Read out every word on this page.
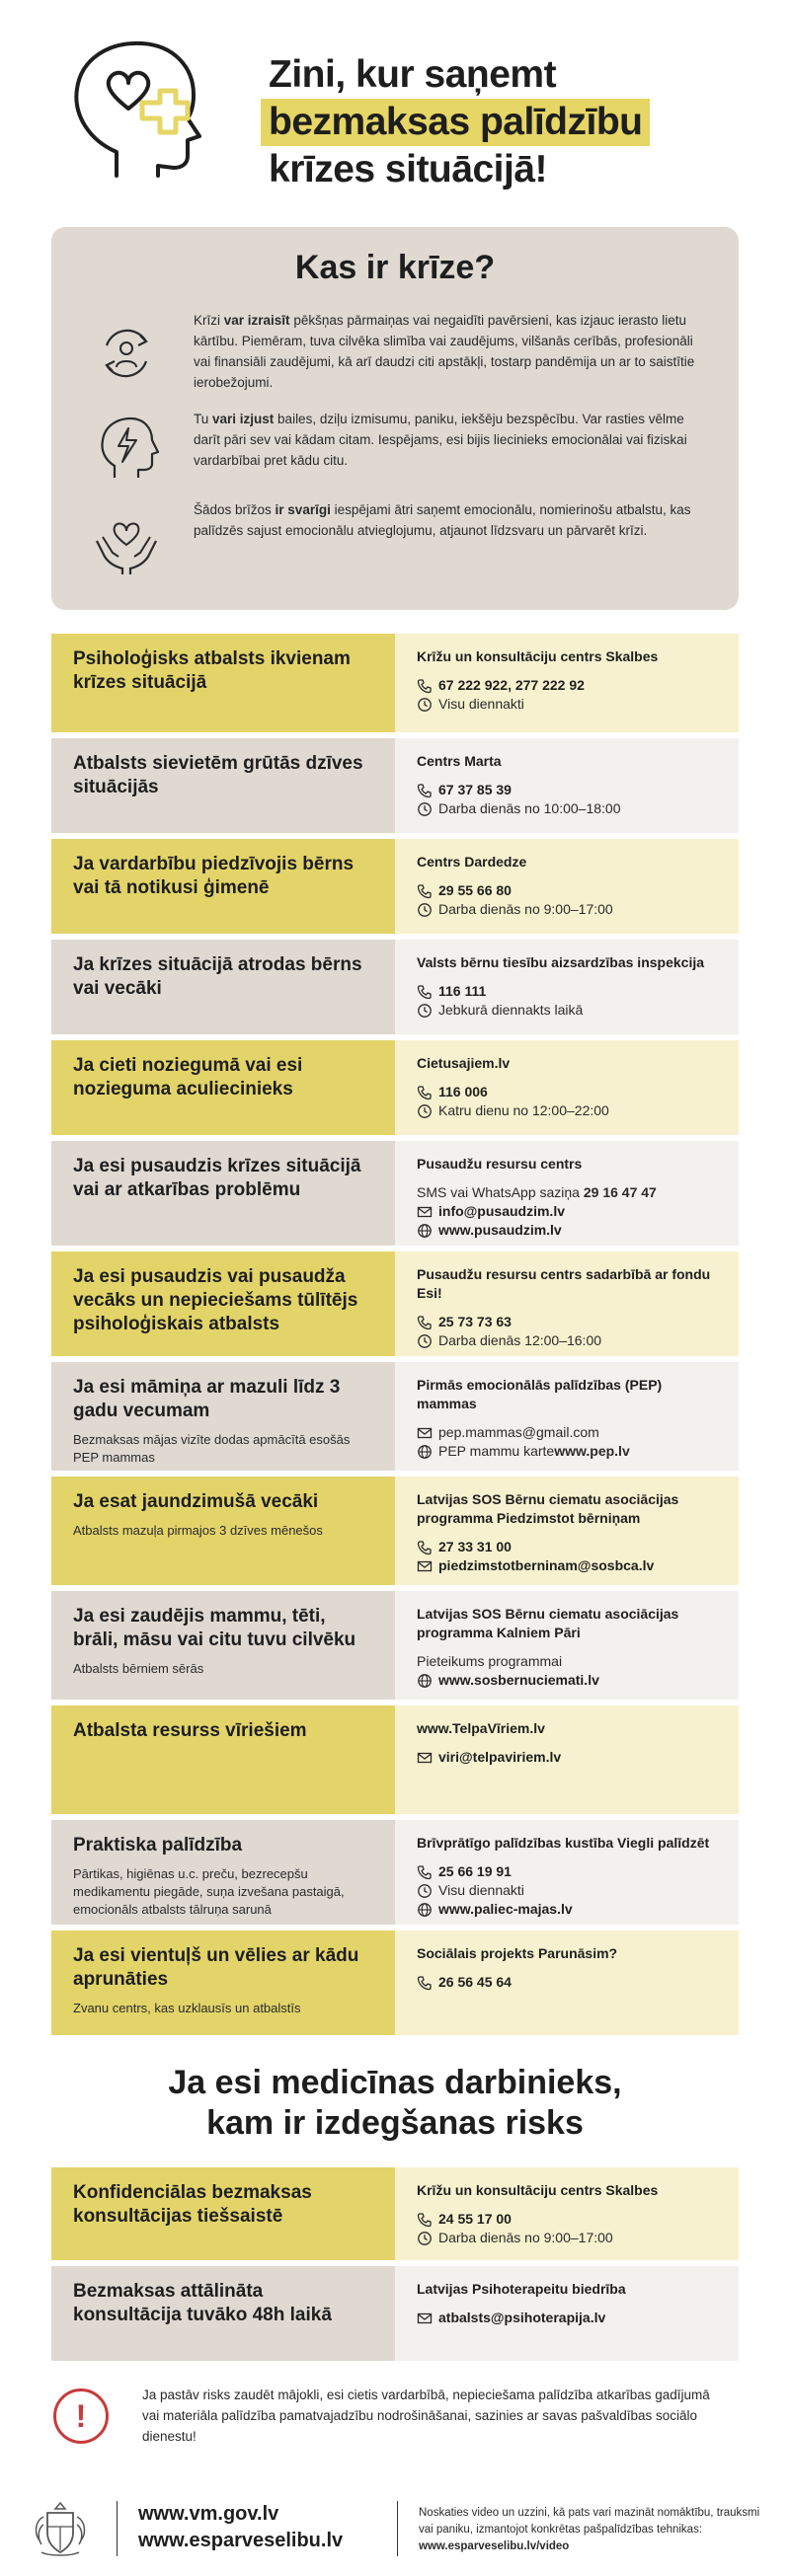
Zini, kur saņemt
bezmaksas palīdzību
krīzes situācijā!
Kas ir krīze?
Krīzi var izraisīt pēkšņas pārmaiņas vai negaidīti pavērsieni, kas izjauc ierasto lietu kārtību. Piemēram, tuva cilvēka slimība vai zaudējums, vilšanās cerībās, profesionāli vai finansiāli zaudējumi, kā arī daudzi citi apstākļi, tostarp pandēmija un ar to saistītie ierobežojumi.
Tu vari izjust bailes, dziļu izmisumu, paniku, iekšēju bezspēcību. Var rasties vēlme darīt pāri sev vai kādam citam. Iespējams, esi bijis liecinieks emocionālai vai fiziskai vardarbībai pret kādu citu.
Šādos brīžos ir svarīgi iespējami ātri saņemt emocionālu, nomierinošu atbalstu, kas palīdzēs sajust emocionālu atvieglojumu, atjaunot līdzsvaru un pārvarēt krīzi.
Psiholoģisks atbalsts ikvienam krīzes situācijā
Krīžu un konsultāciju centrs Skalbes
67 222 922, 277 222 92
Visu diennakti
Atbalsts sievietēm grūtās dzīves situācijās
Centrs Marta
67 37 85 39
Darba dienās no 10:00–18:00
Ja vardarbību piedzīvojis bērns vai tā notikusi ģimenē
Centrs Dardedze
29 55 66 80
Darba dienās no 9:00–17:00
Ja krīzes situācijā atrodas bērns vai vecāki
Valsts bērnu tiesību aizsardzības inspekcija
116 111
Jebkurā diennakts laikā
Ja cieti noziegumā vai esi nozieguma aculiecinieks
Cietusajiem.lv
116 006
Katru dienu no 12:00–22:00
Ja esi pusaudzis krīzes situācijā vai ar atkarības problēmu
Pusaudžu resursu centrs
SMS vai WhatsApp saziņa 29 16 47 47
info@pusaudzim.lv
www.pusaudzim.lv
Ja esi pusaudzis vai pusaudža vecāks un nepieciešams tūlītējs psiholoģiskais atbalsts
Pusaudžu resursu centrs sadarbībā ar fondu Esi!
25 73 73 63
Darba dienās 12:00–16:00
Ja esi māmiņa ar mazuli līdz 3 gadu vecumam
Bezmaksas mājas vizīte dodas apmācītā esošās PEP mammas
Pirmās emocionālās palīdzības (PEP) mammas
pep.mammas@gmail.com
PEP mammu karte www.pep.lv
Ja esat jaundzimušā vecāki
Atbalsts mazuļa pirmajos 3 dzīves mēnešos
Latvijas SOS Bērnu ciematu asociācijas programma Piedzimstot bērniņam
27 33 31 00
piedzimstotberninam@sosbca.lv
Ja esi zaudējis mammu, tēti, brāli, māsu vai citu tuvu cilvēku
Atbalsts bērniem sērās
Latvijas SOS Bērnu ciematu asociācijas programma Kalniem Pāri
Pieteikums programmai
www.sosbernuciemati.lv
Atbalsta resurss vīriešiem	www.TelpaVīriem.lv
viri@telpaviriem.lv
Praktiska palīdzība
Pārtikas, higiēnas u.c. preču, bezrecepšu medikamentu piegāde, suņa izvešana pastaigā, emocionāls atbalsts tālruņa sarunā
Brīvprātīgo palīdzības kustība Viegli palīdzēt
25 66 19 91
Visu diennakti
www.paliec-majas.lv
Ja esi vientuļš un vēlies ar kādu aprunāties
Zvanu centrs, kas uzklausīs un atbalstīs
Sociālais projekts Parunāsim?
26 56 45 64
Ja esi medicīnas darbinieks,
kam ir izdegšanas risks
Konfidenciālas bezmaksas konsultācijas tiešsaistē
Krīžu un konsultāciju centrs Skalbes
24 55 17 00
Darba dienās no 9:00–17:00
Bezmaksas attālināta konsultācija tuvāko 48h laikā
Latvijas Psihoterapeitu biedrība
atbalsts@psihoterapija.lv
!
Ja pastāv risks zaudēt mājokli, esi cietis vardarbībā, nepieciešama palīdzība atkarības gadījumā vai materiāla palīdzība pamatvajadzību nodrošināšanai, sazinies ar savas pašvaldības sociālo dienestu!
www.vm.gov.lv
www.esparveselibu.lv
Noskaties video un uzzini, kā pats vari mazināt nomāktību, trauksmi vai paniku, izmantojot konkrētas pašpalīdzības tehnikas: www.esparveselibu.lv/video
